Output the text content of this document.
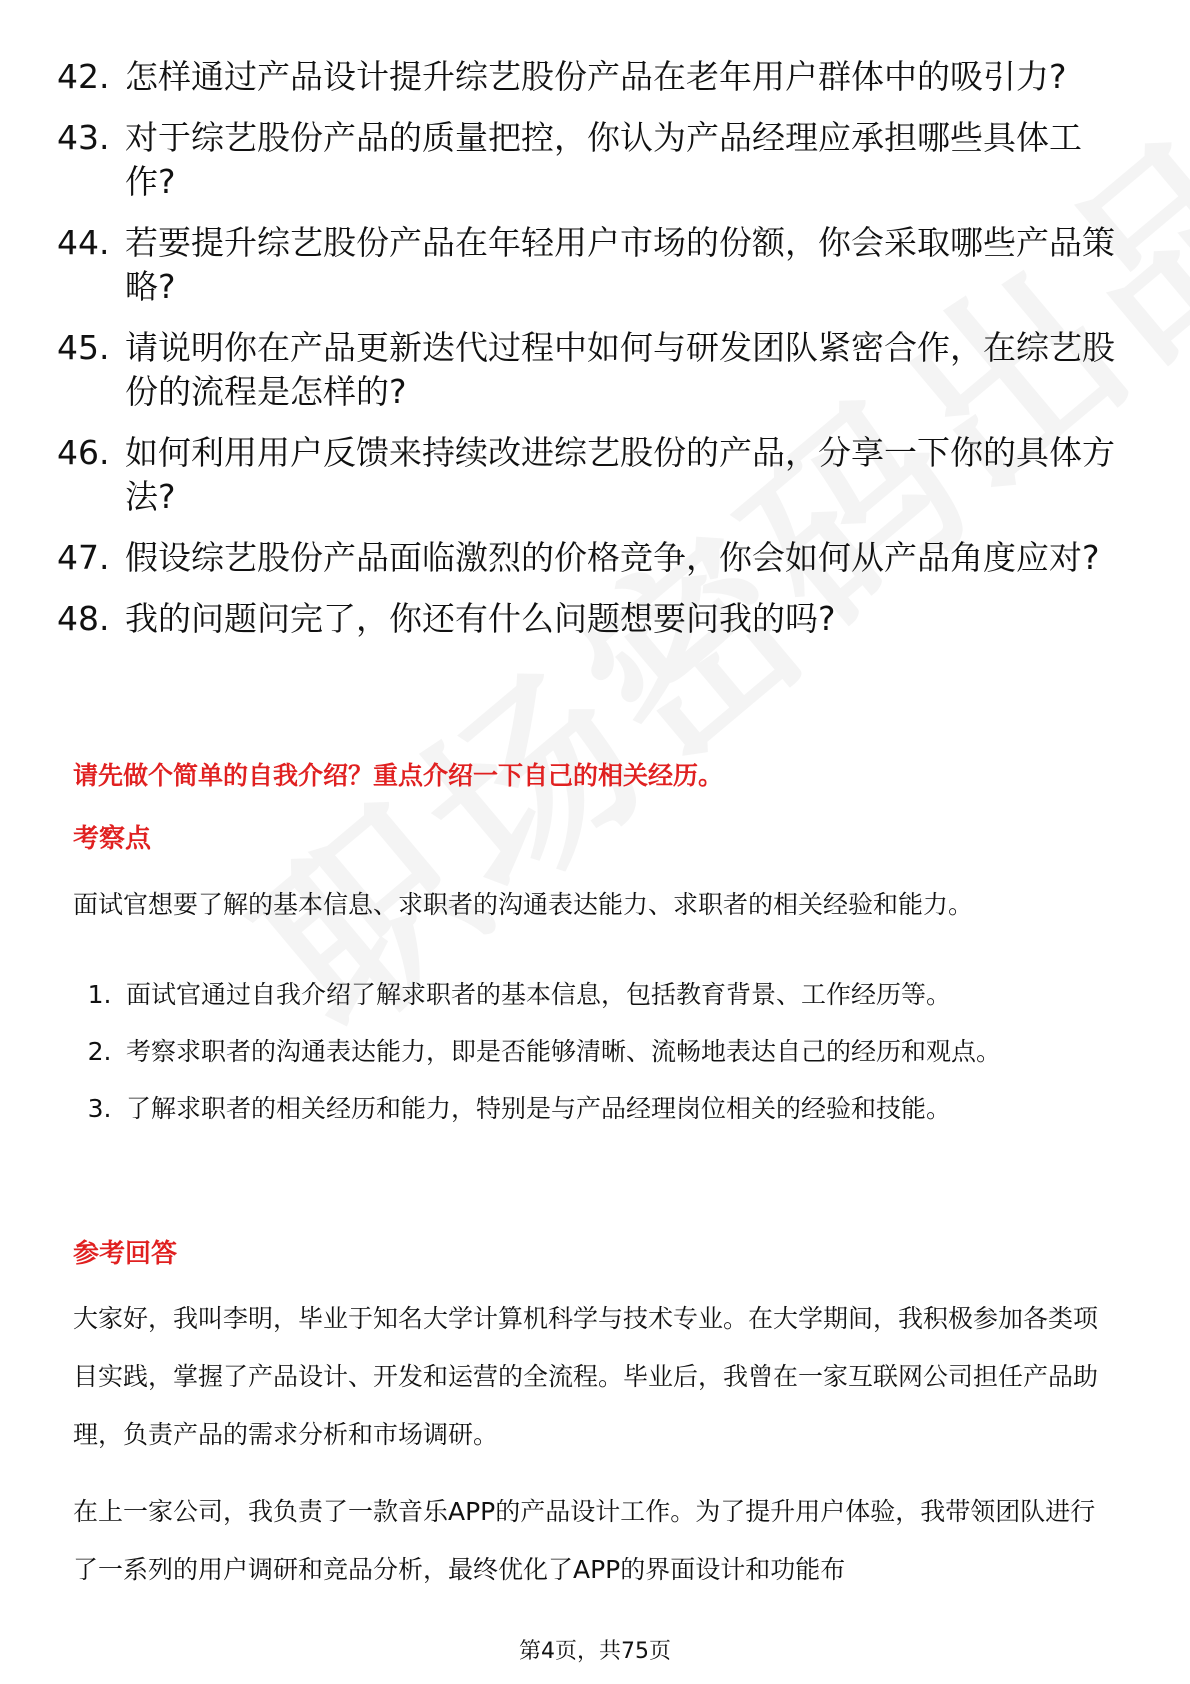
42. 怎样通过产品设计提升综艺股份产品在老年用户群体中的吸引力?
43. 对于综艺股份产品的质量把控，你认为产品经理应承担哪些具体工作?
44. 若要提升综艺股份产品在年轻用户市场的份额，你会采取哪些产品策略?
45. 请说明你在产品更新迭代过程中如何与研发团队紧密合作，在综艺股份的流程是怎样的?
46. 如何利用用户反馈来持续改进综艺股份的产品，分享一下你的具体方法?
47. 假设综艺股份产品面临激烈的价格竞争，你会如何从产品角度应对?
48. 我的问题问完了，你还有什么问题想要问我的吗?
请先做个简单的自我介绍？重点介绍一下自己的相关经历。
考察点

面试官想要了解的基本信息、求职者的沟通表达能力、求职者的相关经验和能力。

1. 面试官通过自我介绍了解求职者的基本信息，包括教育背景、工作经历等。
2. 考察求职者的沟通表达能力，即是否能够清晰、流畅地表达自己的经历和观点。
3. 了解求职者的相关经历和能力，特别是与产品经理岗位相关的经验和技能。
参考回答

大家好，我叫李明，毕业于知名大学计算机科学与技术专业。在大学期间，我积极参加各类项目实践，掌握了产品设计、开发和运营的全流程。毕业后，我曾在一家互联网公司担任产品助理，负责产品的需求分析和市场调研。

在上一家公司，我负责了一款音乐APP的产品设计工作。为了提升用户体验，我带领团队进行了一系列的用户调研和竞品分析，最终优化了APP的界面设计和功能布

第4页，共75页
